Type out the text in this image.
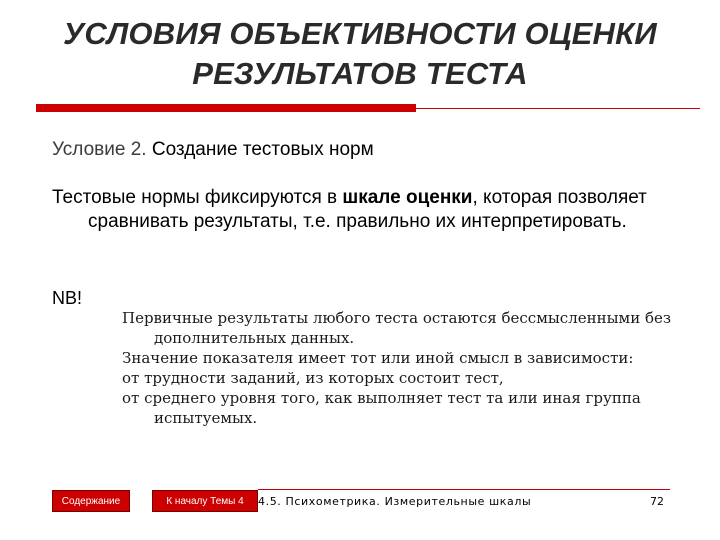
УСЛОВИЯ ОБЪЕКТИВНОСТИ ОЦЕНКИ
РЕЗУЛЬТАТОВ ТЕСТА
Условие 2. Создание тестовых норм
Тестовые нормы фиксируются в шкале оценки, которая позволяет сравнивать результаты, т.е. правильно их интерпретировать.
NB!

Первичные результаты любого теста остаются бессмысленными без дополнительных данных.

Значение показателя имеет тот или иной смысл в зависимости:

от трудности заданий, из которых состоит тест,

от среднего уровня того, как выполняет тест та или иная группа испытуемых.

Содержание	К началу Темы 4	4.5. Психометрика. Измерительные шкалы	72
